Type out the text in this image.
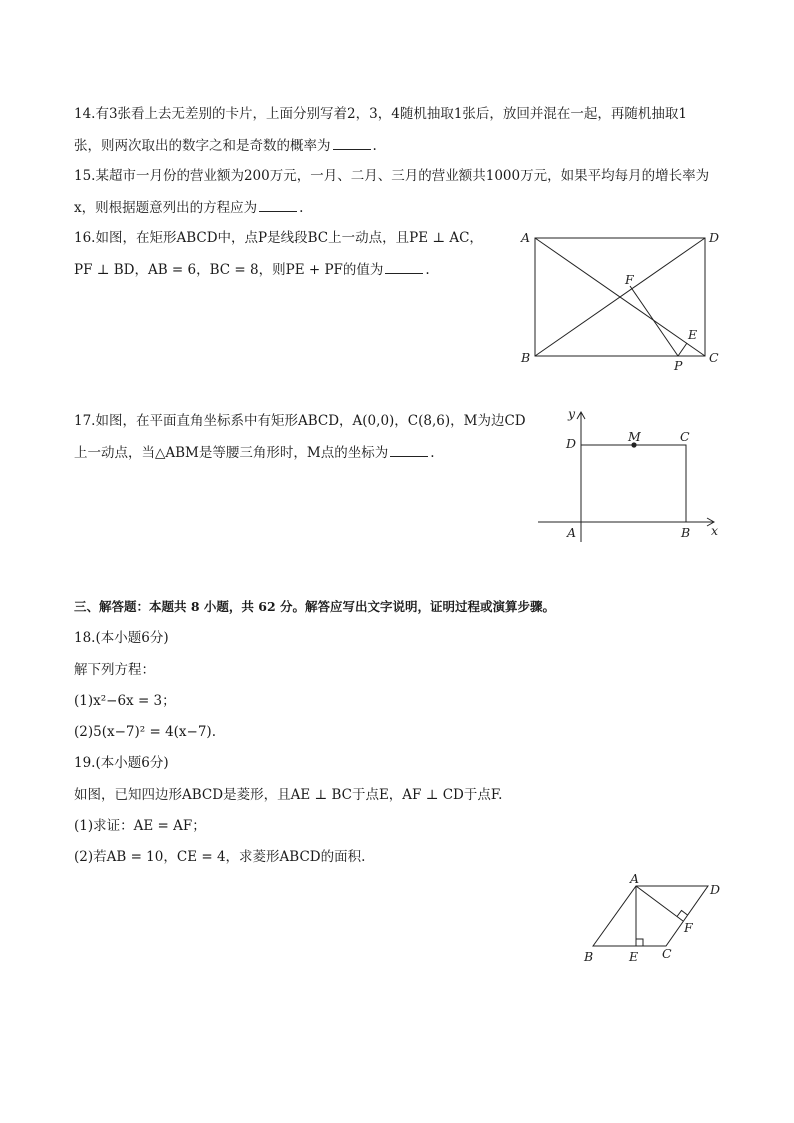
14.有3张看上去无差别的卡片，上面分别写着2，3，4随机抽取1张后，放回并混在一起，再随机抽取1
张，则两次取出的数字之和是奇数的概率为	.
15.某超市一月份的营业额为200万元，一月、二月、三月的营业额共1000万元，如果平均每月的增长率为
x，则根据题意列出的方程应为	.
16.如图，在矩形ABCD中，点P是线段BC上一动点，且PE ⊥ AC，
PF ⊥ BD，AB = 6，BC = 8，则PE + PF的值为	.
A	D
B	C
F
E
P
17.如图，在平面直角坐标系中有矩形ABCD，A(0,0)，C(8,6)，M为边CD
上一动点，当△ABM是等腰三角形时，M点的坐标为	.
y
x
D	M	C
A	B
三、解答题：本题共 8 小题，共 62 分。解答应写出文字说明，证明过程或演算步骤。
18.(本小题6分)
解下列方程：
(1)x²−6x = 3；
(2)5(x−7)² = 4(x−7).
19.(本小题6分)
如图，已知四边形ABCD是菱形，且AE ⊥ BC于点E，AF ⊥ CD于点F.
(1)求证：AE = AF；
(2)若AB = 10，CE = 4，求菱形ABCD的面积.
A
D
F
B	E C
